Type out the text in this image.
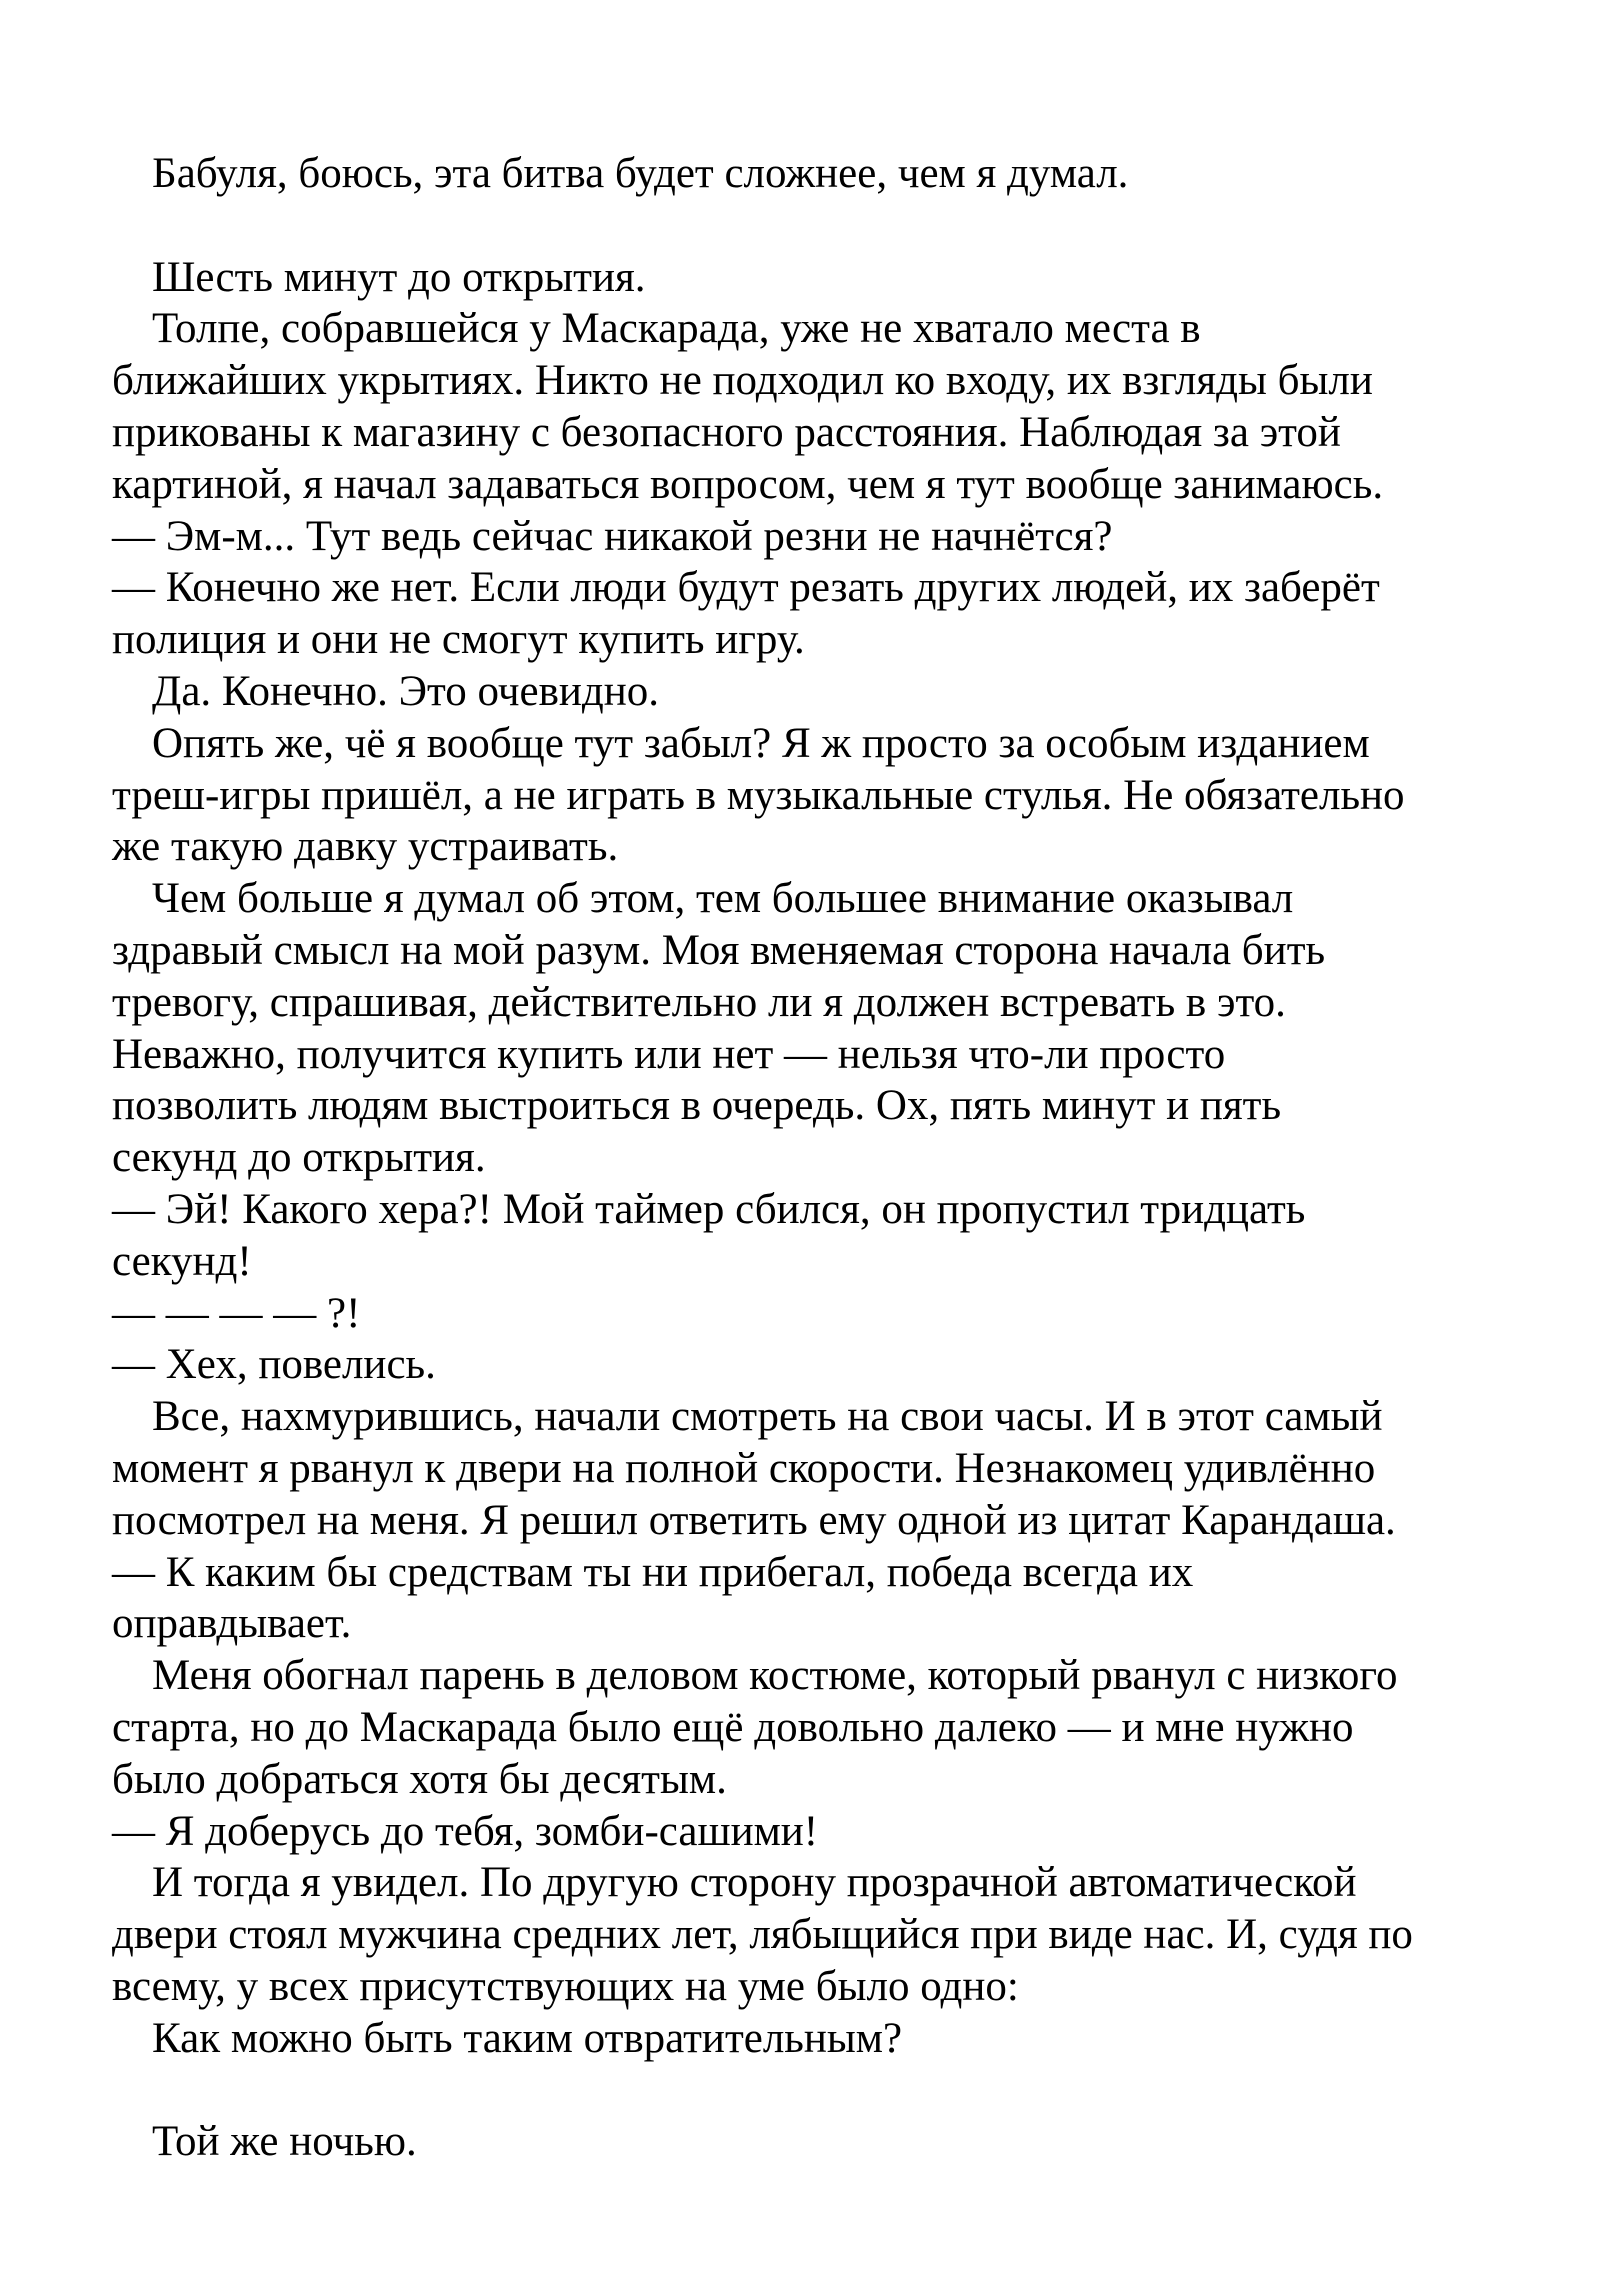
Бабуля, боюсь, эта битва будет сложнее, чем я думал.

Шесть минут до открытия.
Толпе, собравшейся у Маскарада, уже не хватало места в
ближайших укрытиях. Никто не подходил ко входу, их взгляды были
прикованы к магазину с безопасного расстояния. Наблюдая за этой
картиной, я начал задаваться вопросом, чем я тут вообще занимаюсь.
— Эм-м... Тут ведь сейчас никакой резни не начнётся?
— Конечно же нет. Если люди будут резать других людей, их заберёт
полиция и они не смогут купить игру.
Да. Конечно. Это очевидно.
Опять же, чё я вообще тут забыл? Я ж просто за особым изданием
треш-игры пришёл, а не играть в музыкальные стулья. Не обязательно
же такую давку устраивать.
Чем больше я думал об этом, тем большее внимание оказывал
здравый смысл на мой разум. Моя вменяемая сторона начала бить
тревогу, спрашивая, действительно ли я должен встревать в это.
Неважно, получится купить или нет — нельзя что-ли просто
позволить людям выстроиться в очередь. Ох, пять минут и пять
секунд до открытия.
— Эй! Какого хера?! Мой таймер сбился, он пропустил тридцать
секунд!
— — — — ?!
— Хех, повелись.
Все, нахмурившись, начали смотреть на свои часы. И в этот самый
момент я рванул к двери на полной скорости. Незнакомец удивлённо
посмотрел на меня. Я решил ответить ему одной из цитат Карандаша.
— К каким бы средствам ты ни прибегал, победа всегда их
оправдывает.
Меня обогнал парень в деловом костюме, который рванул с низкого
старта, но до Маскарада было ещё довольно далеко — и мне нужно
было добраться хотя бы десятым.
— Я доберусь до тебя, зомби-сашими!
И тогда я увидел. По другую сторону прозрачной автоматической
двери стоял мужчина средних лет, лябыщийся при виде нас. И, судя по
всему, у всех присутствующих на уме было одно:
Как можно быть таким отвратительным?

Той же ночью.
